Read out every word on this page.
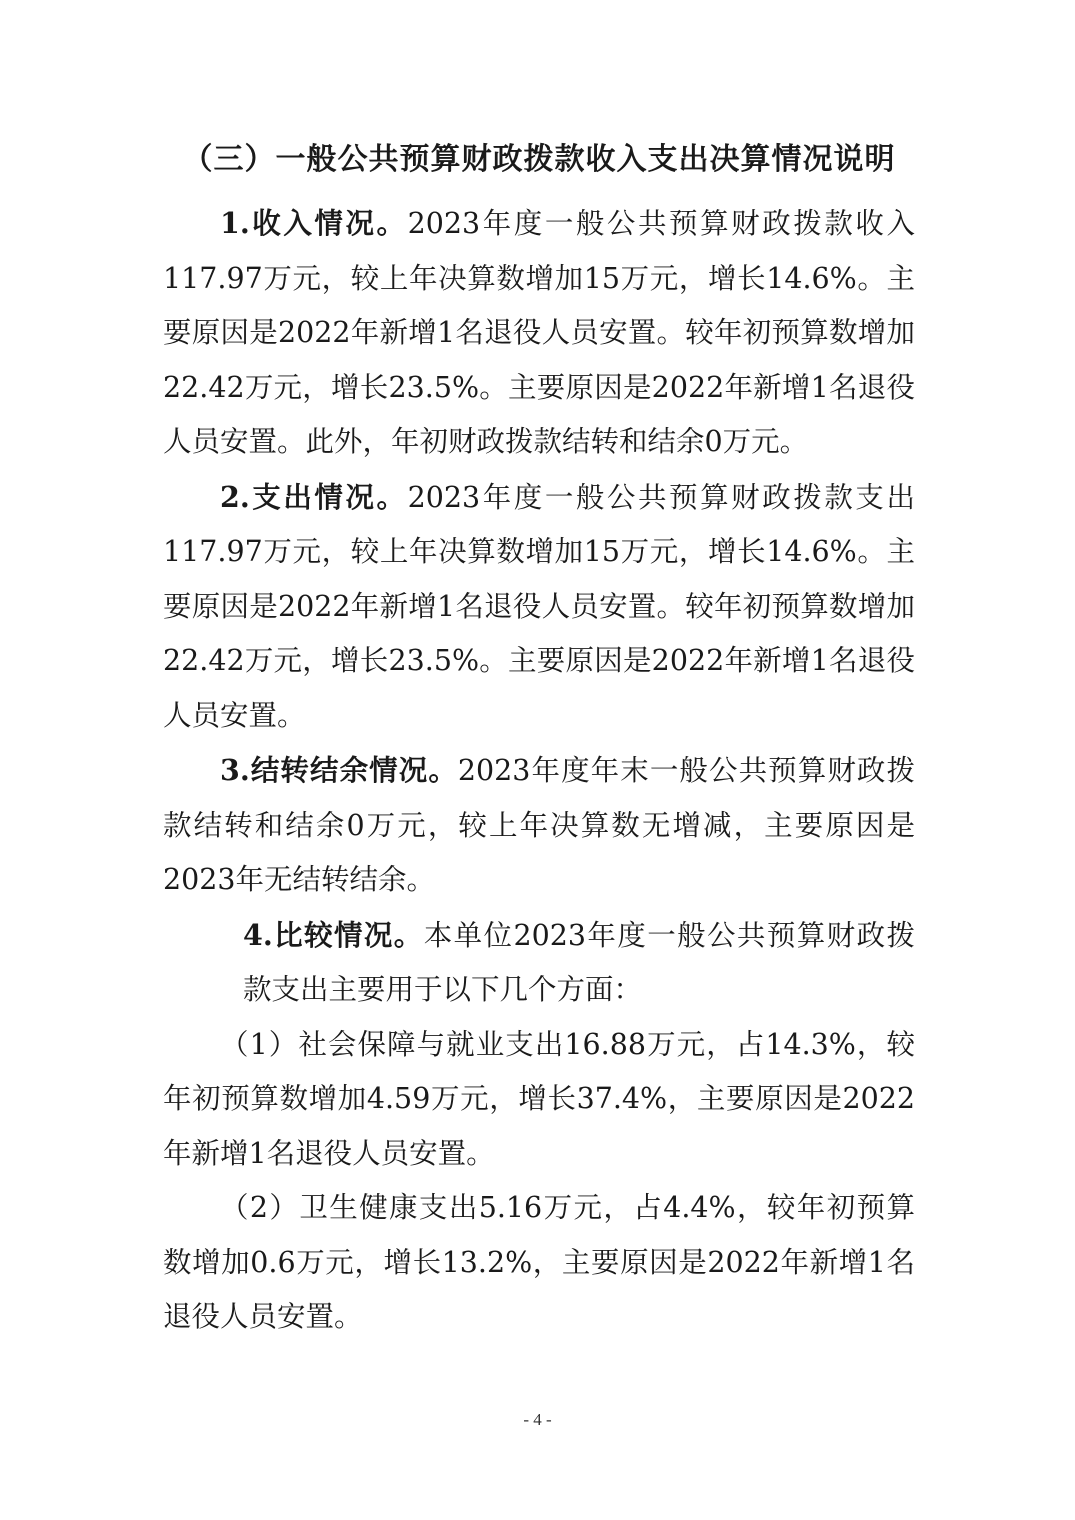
（三）一般公共预算财政拨款收入支出决算情况说明

1.收入情况。2023年度一般公共预算财政拨款收入117.97万元，较上年决算数增加15万元，增长14.6%。主要原因是2022年新增1名退役人员安置。较年初预算数增加22.42万元，增长23.5%。主要原因是2022年新增1名退役人员安置。此外，年初财政拨款结转和结余0万元。

2.支出情况。2023年度一般公共预算财政拨款支出117.97万元，较上年决算数增加15万元，增长14.6%。主要原因是2022年新增1名退役人员安置。较年初预算数增加22.42万元，增长23.5%。主要原因是2022年新增1名退役人员安置。

3.结转结余情况。2023年度年末一般公共预算财政拨款结转和结余0万元，较上年决算数无增减，主要原因是2023年无结转结余。

4.比较情况。本单位2023年度一般公共预算财政拨款支出主要用于以下几个方面：

（1）社会保障与就业支出16.88万元，占14.3%，较年初预算数增加4.59万元，增长37.4%，主要原因是2022年新增1名退役人员安置。

（2）卫生健康支出5.16万元，占4.4%，较年初预算数增加0.6万元，增长13.2%，主要原因是2022年新增1名退役人员安置。

- 4 -
